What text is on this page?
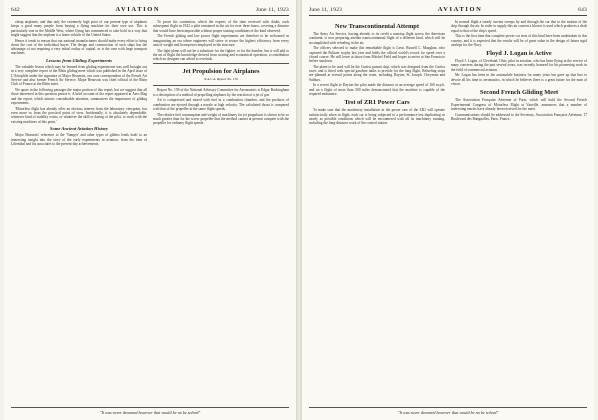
642	AVIATION	June 11, 1923

cheap airplanes, and that only the extremely high price of our present type of airplanes keeps a good many people from buying a flying machine for their own use. This is particularly true in the Middle West, where flying has commenced to take hold in a way that might suggest that the airplane is a home vehicle of the United States.

Hence it tends to reason that our national manufacturers should make every effort to bring down the cost of the individual buyer. The design and construction of such ships has the advantage of not requiring a very initial outlay of capital, as is the case with large transport machines.

Lessons from Gliding Experiments

The valuable lesson which may be learned from gliding experiments was well brought out in a very complete report of the Rhön gliding meet which was published in the April issue of L'Aérophile under the signature of Major Beauvais, our own correspondent of the French Air Service and also former French Air Service. Major Beauvais was chief official of the Rhön Club of France at the Rhön meet.

We quote in the following passages the major portion of this report, but we suggest that all those interested in this question peruse it. A brief account of the report appeared in Aero Mag and the report, which attracts considerable attention, summarizes the importance of gliding experiments.

'Motorless flight has already offer an obvious interest from the laboratory viewpoint, but even more so from the practical point of view. Incidentally, it is absolutely dependable, whatever kind of stability exists, or whatever the skill or daring of the pilot, to work with the existing machines of this point.'

Some Ancient Aviation History

Major Beauvais' reference to the 'Vampyr' and other types of gliders lends itself to an interesting insight into the story of the early experiments in aviation, from the time of Lilienthal and his associates to the present day achievements.

To prove his contention, which the experts of the time received with doubt, each subsequent flight in 1922 a pilot remained in the air for over three hours, covering a distance that would have been impossible without proper soaring conditions of the kind observed.

The French gliding and low power flight experiments are therefore to be welcomed as inaugurating an era where engineers will strive to secure the highest efficiency from every unit of weight and horsepower employed in the structure.

The light plane will not be a substitute for the fighter, or for the bomber, but it will add to the art of flight the knowledge derived from soaring and economical operation, a contribution which no designer can afford to overlook.

Jet Propulsion for Airplanes
N.A.C.A. Report No. 159

Report No. 159 of the National Advisory Committee for Aeronautics is Edgar Buckingham is a description of a method of propelling airplanes by the reaction of a jet of gas.

Air is compressed and mixed with fuel in a combustion chamber, and the products of combustion are ejected through a nozzle at high velocity. The calculated thrust is compared with that of the propeller at the same flight speeds.

The relative fuel consumption and weight of machinery for jet propulsion is shown to be so much greater than for the screw propeller that the method cannot at present compete with the propeller for ordinary flight speeds.

"It was never dreamed however that would be no be solved"
June 11, 1923	AVIATION	643
New Transcontinental Attempt

The Army Air Service, having already to its credit a nonstop flight across the American continent, is now preparing another transcontinental flight of a different kind, which will be accomplished with refueling in the air.

The officers selected to make this remarkable flight is Lieut. Russell L. Maughan, who captured the Pulitzer trophy last year and holds the official world's record for speed over a closed course. He will leave at dawn from Mitchel Field and hopes to arrive at San Francisco before sundown.

The plane to be used will be the Curtiss pursuit ship, which was designed from the Curtiss racer, and is fitted with special gasoline tanks to provide for the long flight. Refueling stops are planned at several points along the route, including Dayton, St. Joseph, Cheyenne and Salduro.

In a recent flight to Dayton the pilot made the distance at an average speed of 160 m.p.h. and on a flight of more than 500 miles demonstrated that the machine is capable of the required endurance.

Test of ZR1 Power Cars

To make sure that the machinery installation in the power cars of the ZR1 will operate satisfactorily when in flight, each car is being subjected to a performance test duplicating as nearly as possible conditions which will be encountered with all its machinery running, including the long-distance work of the control station.

In normal flight a steady current sweeps by and through the car due to the motion of the ship through the air. In order to supply this air current a blower is used which produces a draft equal to that of the ship's speed.

This is the first time that complete power car tests of this kind have been undertaken in this country, and it is expected that the results will be of great value in the design of future rigid airships for the Navy.

Floyd J. Logan is Active

Floyd J. Logan, of Cleveland, Ohio, pilot in aviation, who has been flying in the service of many concerns during the past several years, was recently honored for his pioneering work in the field of commercial aviation.

Mr. Logan has been in the automobile business for many years but gave up that line to devote all his time to aeronautics, in which he believes there is a great future for the man of vision.

Second French Gliding Meet

The Association Française Aérienne of Paris, which will hold the Second French Experimental Congress of Motorless Flight at Vauville, announces that a number of interesting entries have already been received for the meet.

Communications should be addressed to the Secretary, Association Française Aérienne, 17 Boulevard des Batignolles, Paris, France.

"It was never dreamed however that would be no be solved"
